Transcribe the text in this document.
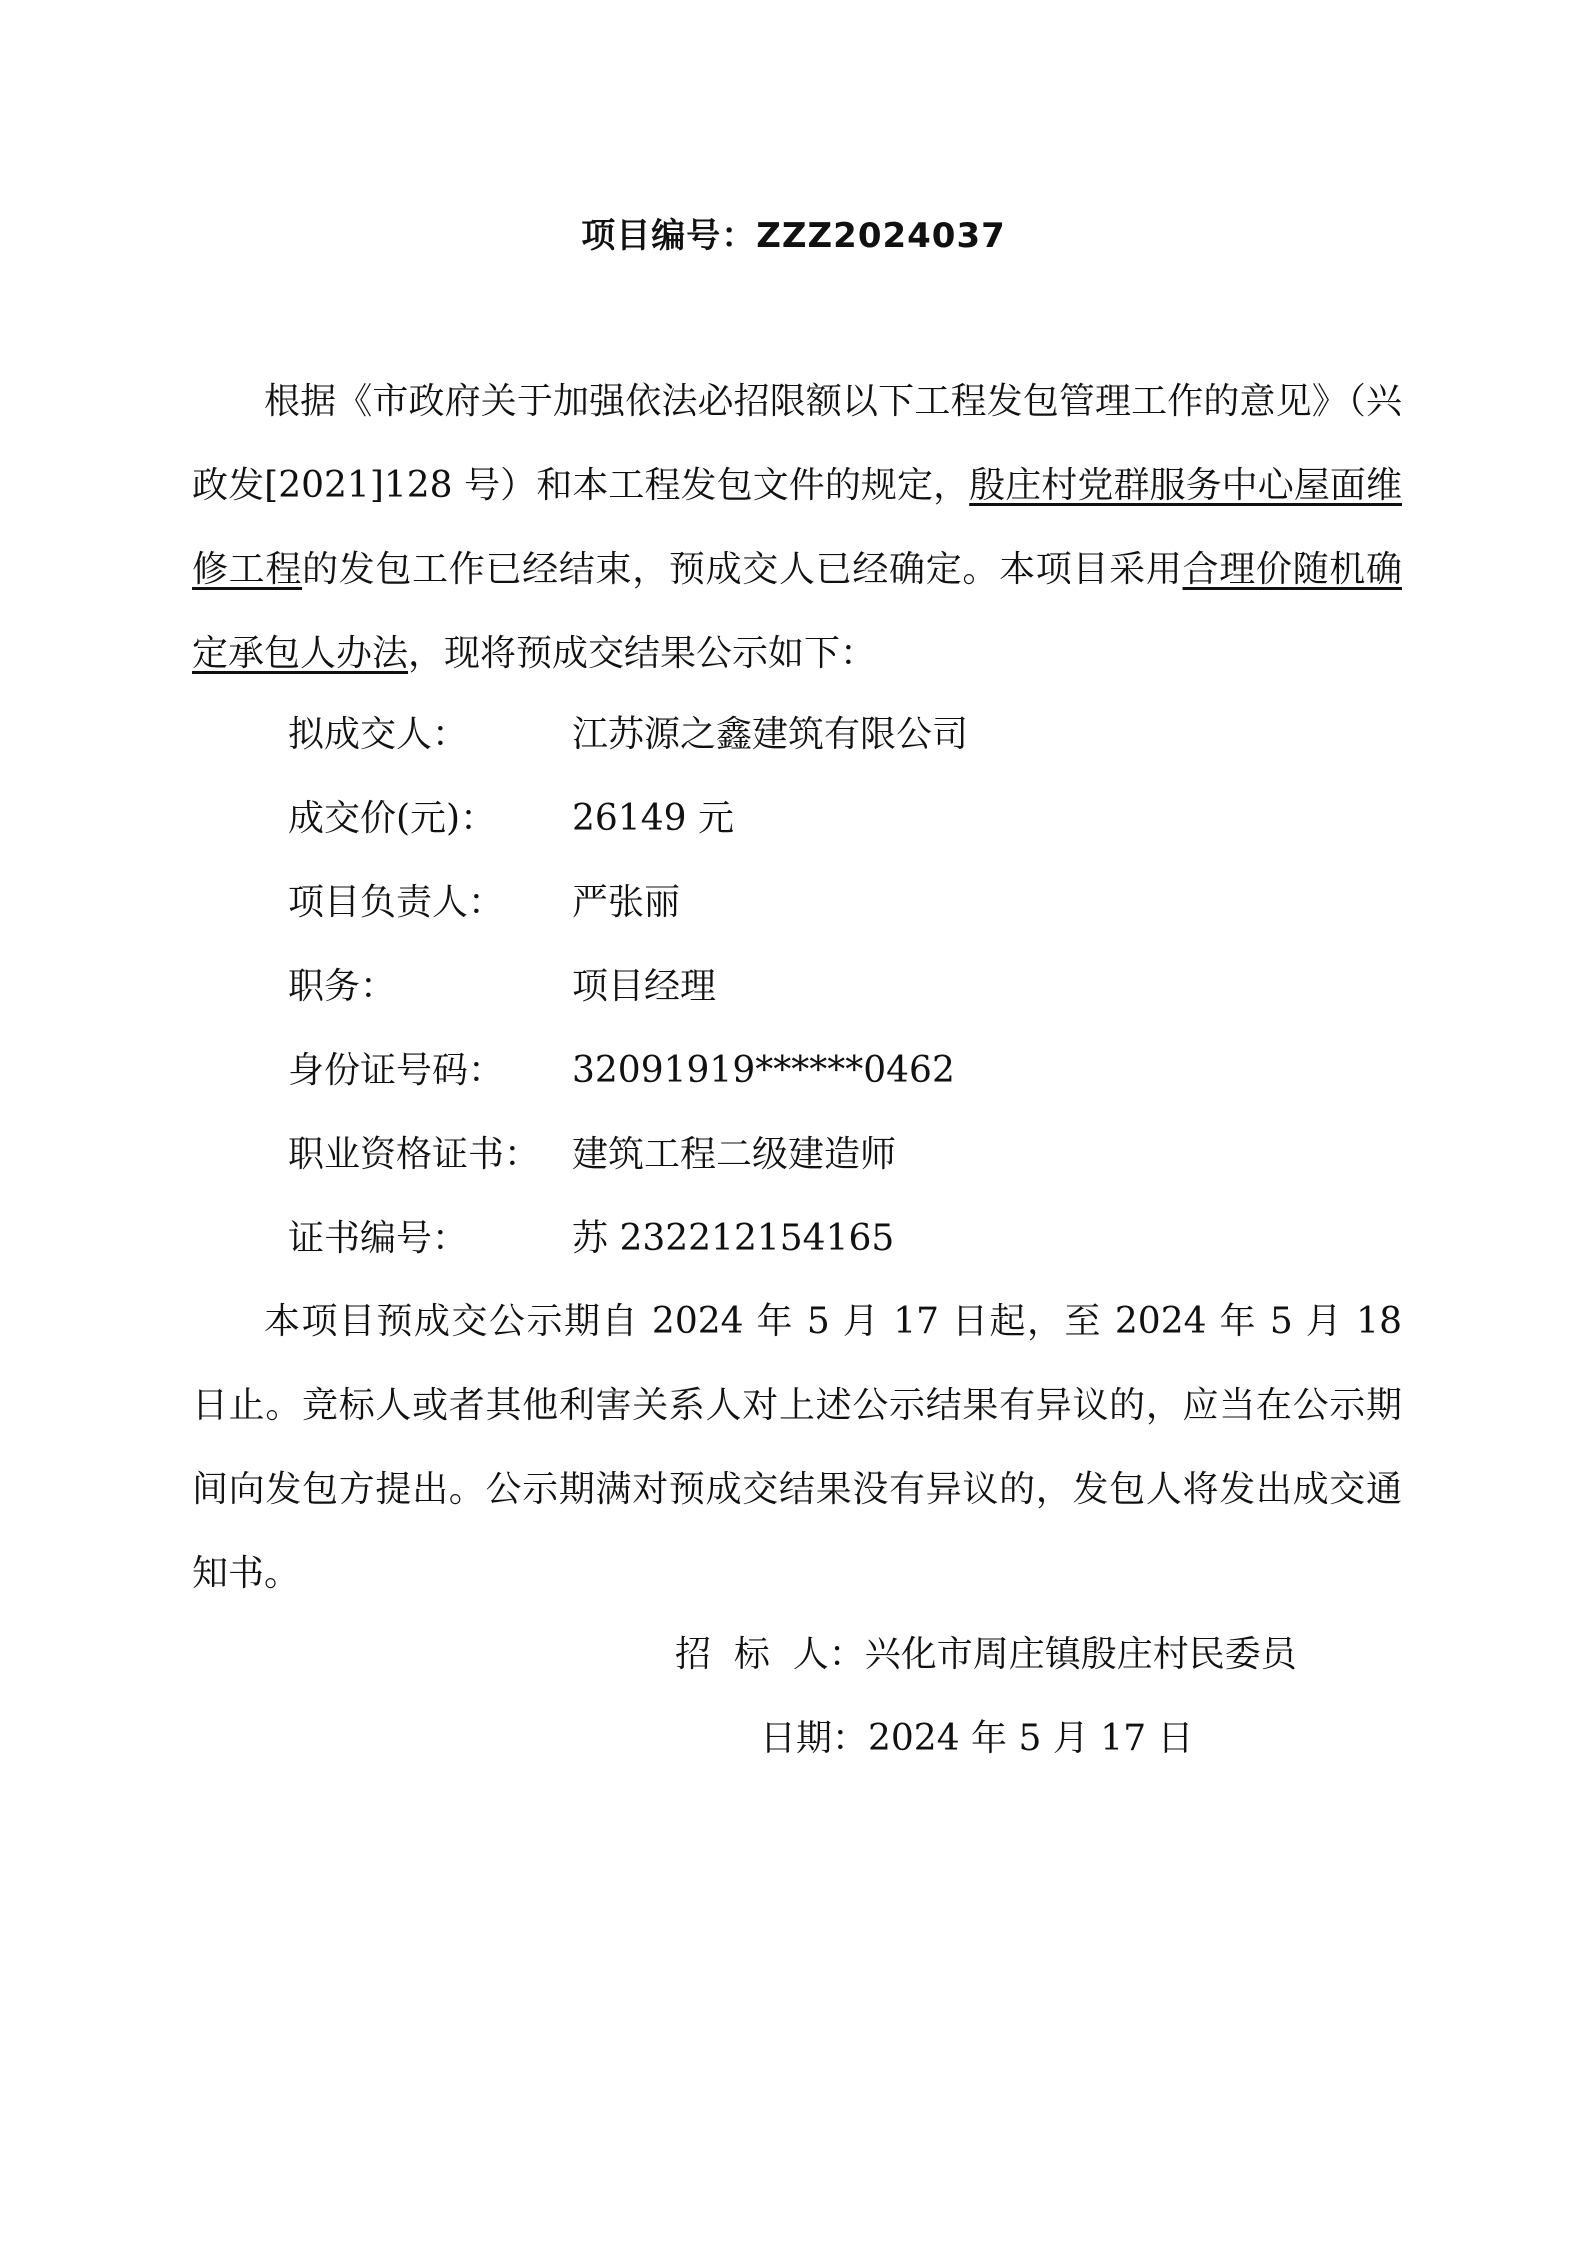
项目编号：ZZZ2024037
根据《市政府关于加强依法必招限额以下工程发包管理工作的意见》（兴政发[2021]128 号）和本工程发包文件的规定，殷庄村党群服务中心屋面维修工程的发包工作已经结束，预成交人已经确定。本项目采用合理价随机确定承包人办法，现将预成交结果公示如下：
拟成交人：	江苏源之鑫建筑有限公司
成交价(元)：	26149 元
项目负责人：	严张丽
职务：	项目经理
身份证号码：	32091919******0462
职业资格证书： 建筑工程二级建造师
证书编号：	苏 232212154165
本项目预成交公示期自 2024 年 5 月 17 日起，至 2024 年 5 月 18 日止。竞标人或者其他利害关系人对上述公示结果有异议的，应当在公示期间向发包方提出。公示期满对预成交结果没有异议的，发包人将发出成交通知书。
招  标  人：兴化市周庄镇殷庄村民委员
日期：2024 年 5 月 17 日
